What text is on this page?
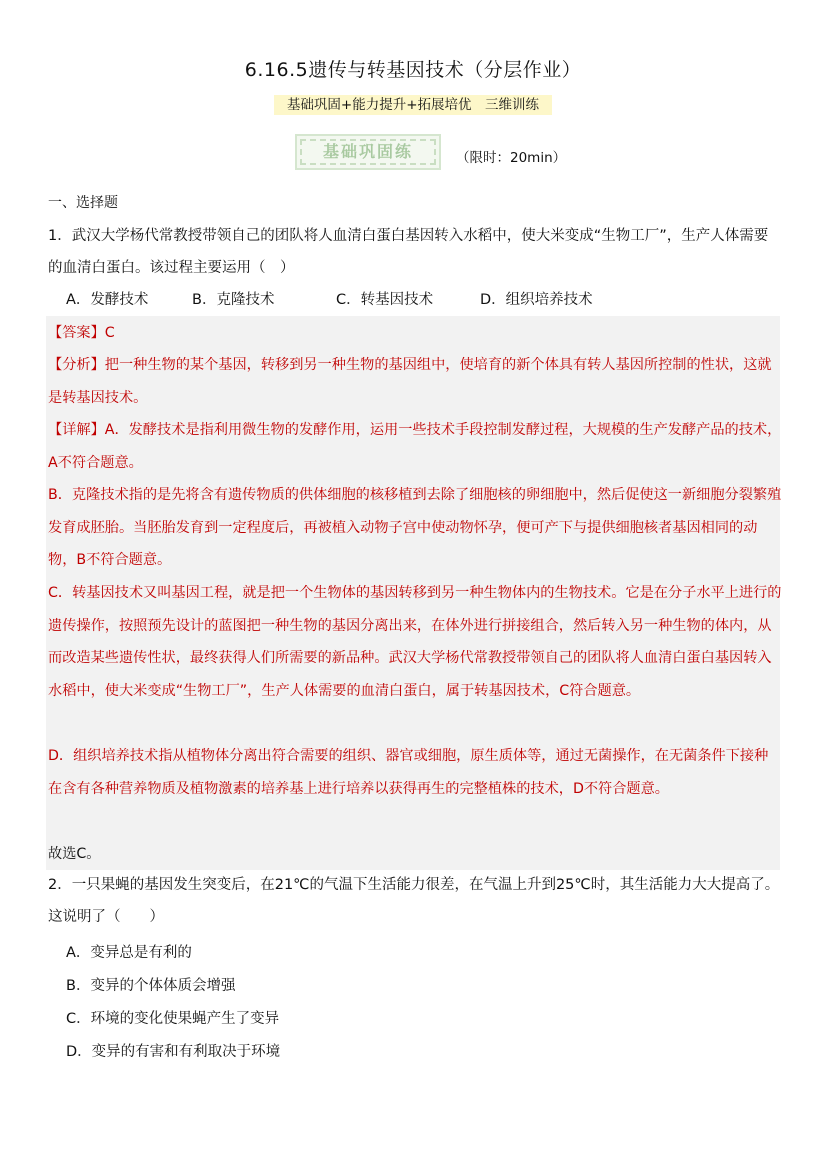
6.16.5遗传与转基因技术（分层作业）
基础巩固+能力提升+拓展培优　三维训练
基础巩固练	（限时：20min）
一、选择题
1．武汉大学杨代常教授带领自己的团队将人血清白蛋白基因转入水稻中，使大米变成“生物工厂”，生产人体需要的血清白蛋白。该过程主要运用（　）
A．发酵技术	B．克隆技术	C．转基因技术	D．组织培养技术
【答案】C
【分析】把一种生物的某个基因，转移到另一种生物的基因组中，使培育的新个体具有转人基因所控制的性状，这就是转基因技术。
【详解】A．发酵技术是指利用微生物的发酵作用，运用一些技术手段控制发酵过程，大规模的生产发酵产品的技术，A不符合题意。
B．克隆技术指的是先将含有遗传物质的供体细胞的核移植到去除了细胞核的卵细胞中，然后促使这一新细胞分裂繁殖发育成胚胎。当胚胎发育到一定程度后，再被植入动物子宫中使动物怀孕，便可产下与提供细胞核者基因相同的动物，B不符合题意。
C．转基因技术又叫基因工程，就是把一个生物体的基因转移到另一种生物体内的生物技术。它是在分子水平上进行的遗传操作，按照预先设计的蓝图把一种生物的基因分离出来，在体外进行拼接组合，然后转入另一种生物的体内，从而改造某些遗传性状，最终获得人们所需要的新品种。武汉大学杨代常教授带领自己的团队将人血清白蛋白基因转入水稻中，使大米变成“生物工厂”，生产人体需要的血清白蛋白，属于转基因技术，C符合题意。
D．组织培养技术指从植物体分离出符合需要的组织、器官或细胞，原生质体等，通过无菌操作，在无菌条件下接种在含有各种营养物质及植物激素的培养基上进行培养以获得再生的完整植株的技术，D不符合题意。
故选C。
2．一只果蝇的基因发生突变后，在21℃的气温下生活能力很差，在气温上升到25℃时，其生活能力大大提高了。这说明了（　　）
A．变异总是有利的
B．变异的个体体质会增强
C．环境的变化使果蝇产生了变异
D．变异的有害和有利取决于环境
